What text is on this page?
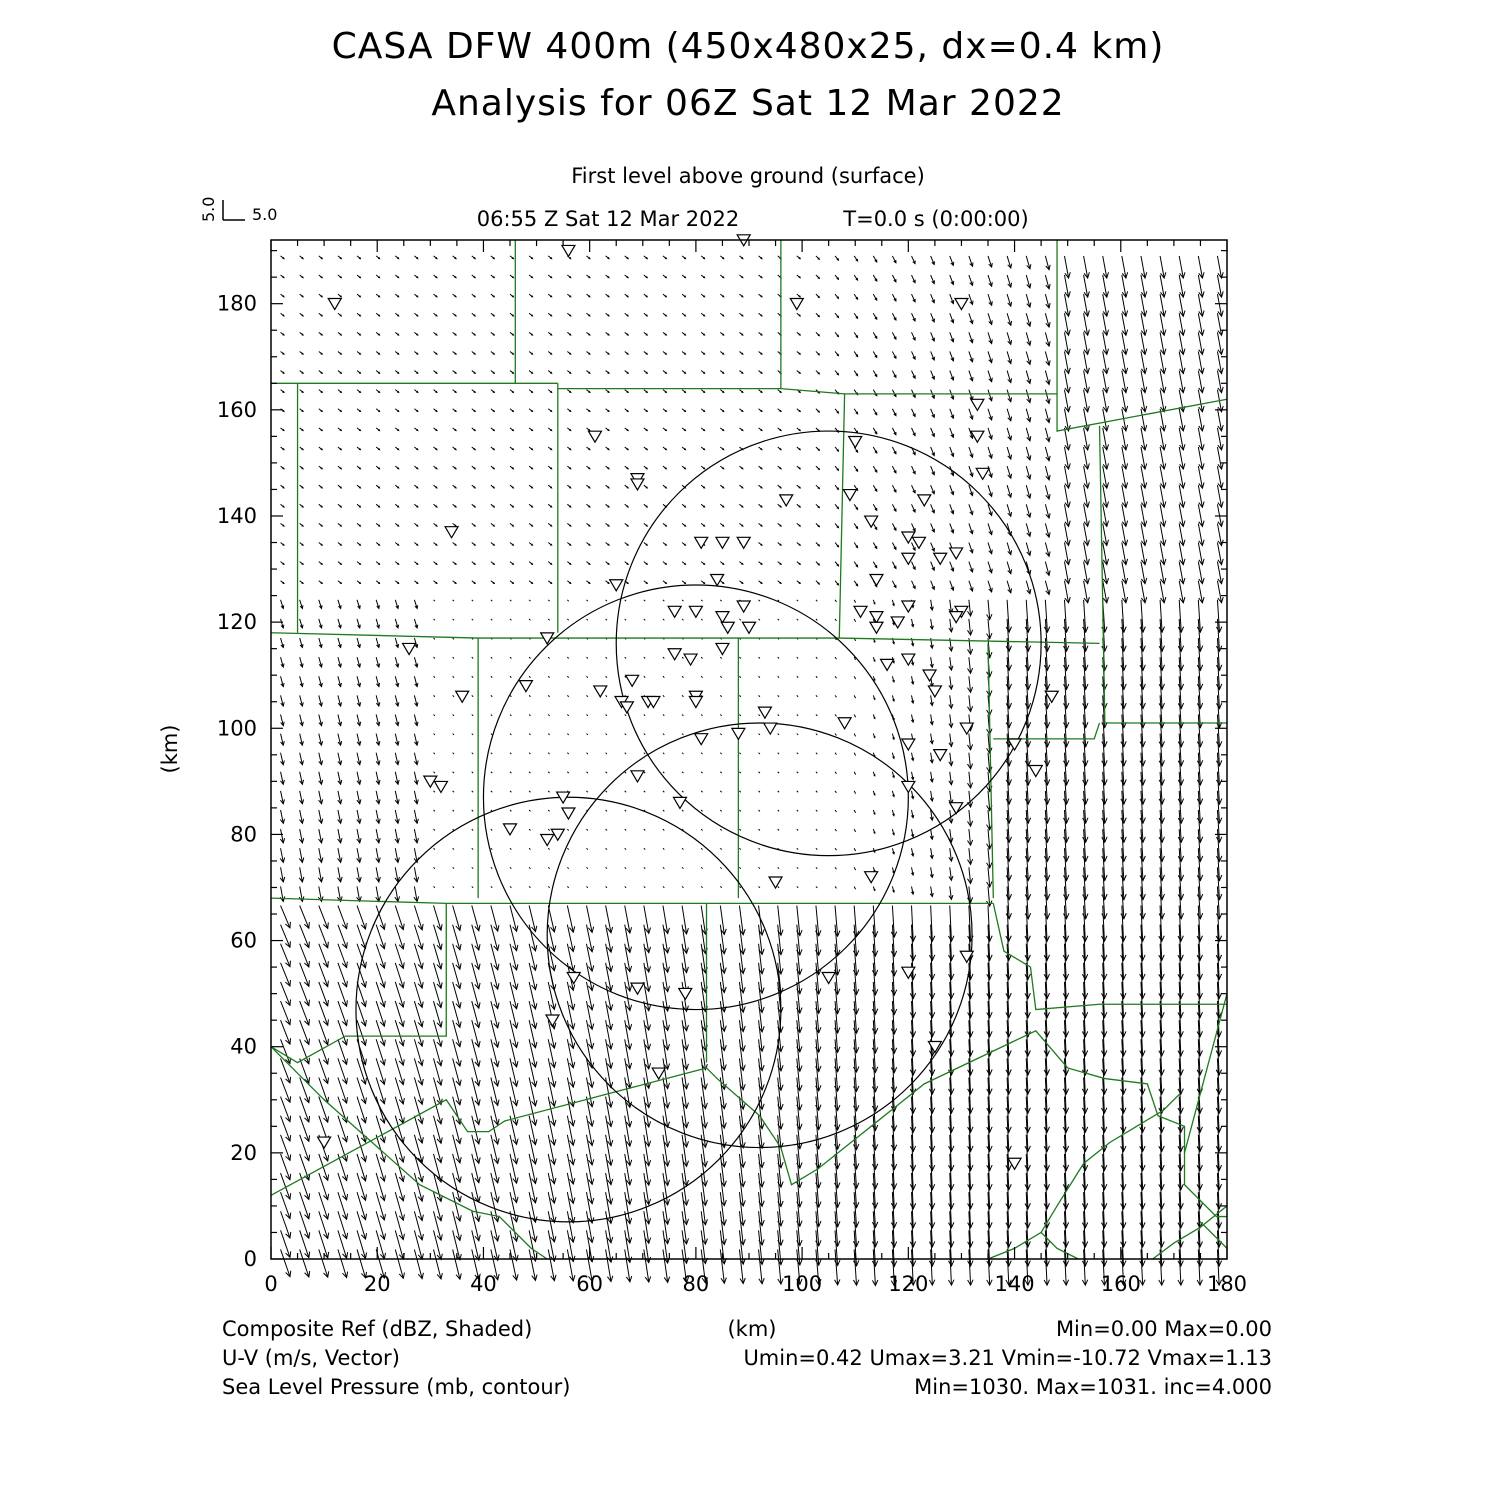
CASA DFW 400m (450x480x25, dx=0.4 km)
Analysis for 06Z Sat 12 Mar 2022
First level above ground (surface)
06:55 Z Sat 12 Mar 2022	T=0.0 s (0:00:00)
5.0
5.0
0	20	40	60	80	100	120	140	160	180
0
20
40
60
80
100
120
140
160
180
(km)
(km)
Composite Ref (dBZ, Shaded)	Min=0.00 Max=0.00
U-V (m/s, Vector)	Umin=0.42 Umax=3.21 Vmin=-10.72 Vmax=1.13
Sea Level Pressure (mb, contour)	Min=1030. Max=1031. inc=4.000
